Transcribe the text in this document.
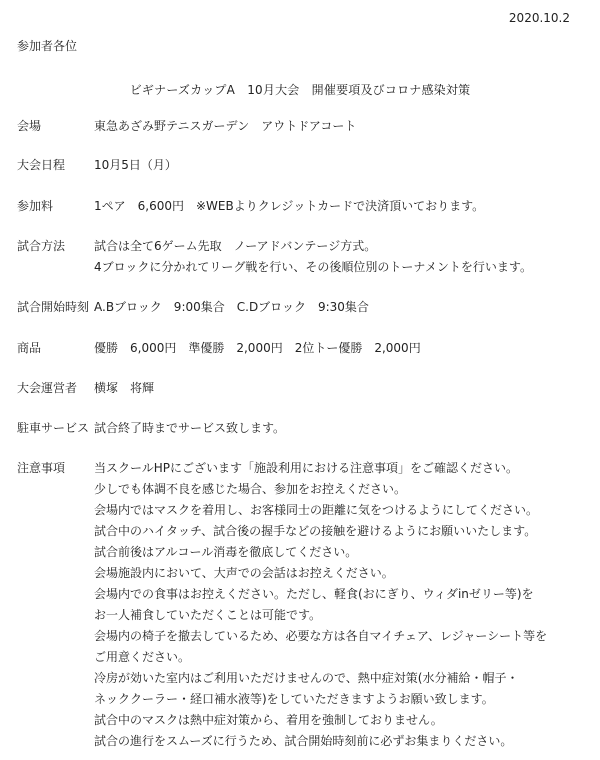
2020.10.2
参加者各位
ビギナーズカップA　10月大会　開催要項及びコロナ感染対策
会場	東急あざみ野テニスガーデン　アウトドアコート
大会日程 10月5日（月）
参加料	1ペア　6,600円　※WEBよりクレジットカードで決済頂いております。
試合方法 試合は全て6ゲーム先取　ノーアドバンテージ方式。
4ブロックに分かれてリーグ戦を行い、その後順位別のトーナメントを行います。
試合開始時刻 A.Bブロック　9:00集合　C.Dブロック　9:30集合
商品	優勝　6,000円　準優勝　2,000円　2位トー優勝　2,000円
大会運営者 横塚　将輝
駐車サービス 試合終了時までサービス致します。
注意事項 当スクールHPにございます「施設利用における注意事項」をご確認ください。
少しでも体調不良を感じた場合、参加をお控えください。
会場内ではマスクを着用し、お客様同士の距離に気をつけるようにしてください。
試合中のハイタッチ、試合後の握手などの接触を避けるようにお願いいたします。
試合前後はアルコール消毒を徹底してください。
会場施設内において、大声での会話はお控えください。
会場内での食事はお控えください。ただし、軽食(おにぎり、ウィダinゼリー等)を
お一人補食していただくことは可能です。
会場内の椅子を撤去しているため、必要な方は各自マイチェア、レジャーシート等を
ご用意ください。
冷房が効いた室内はご利用いただけませんので、熱中症対策(水分補給・帽子・
ネッククーラー・経口補水液等)をしていただきますようお願い致します。
試合中のマスクは熱中症対策から、着用を強制しておりません。
試合の進行をスムーズに行うため、試合開始時刻前に必ずお集まりください。
